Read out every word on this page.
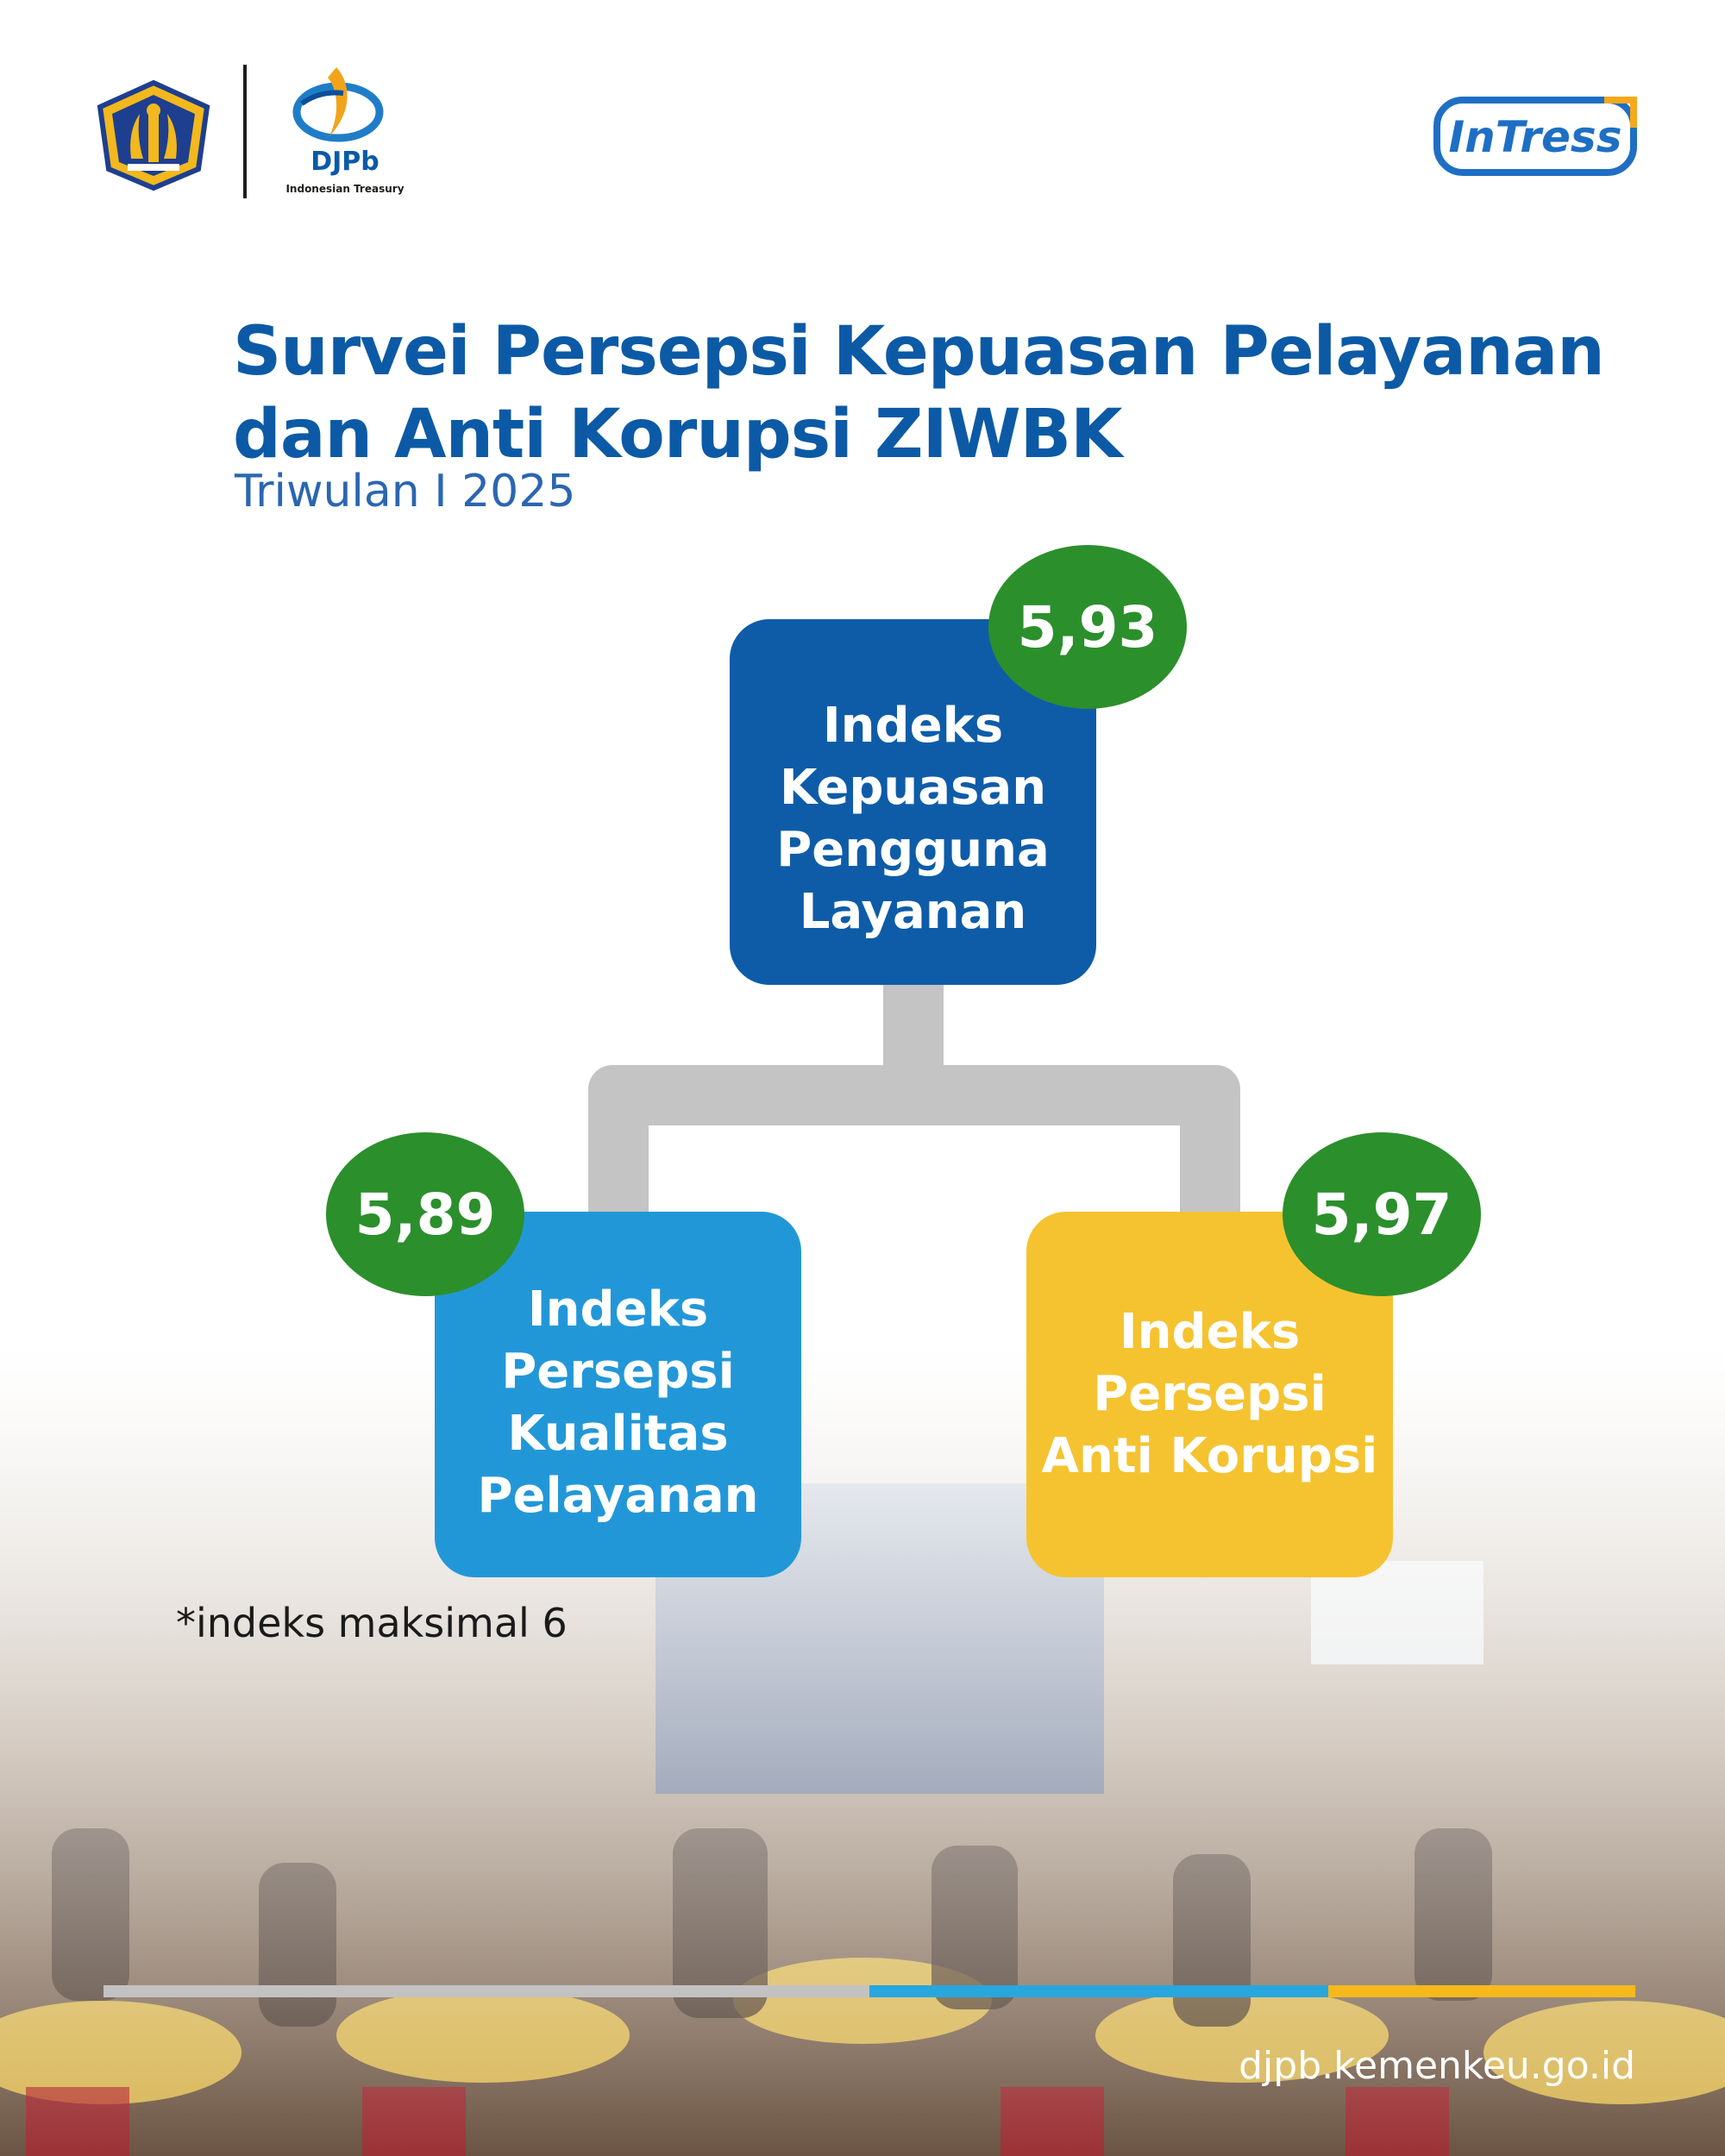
DJPb
Indonesian Treasury
InTress
Survei Persepsi Kepuasan Pelayanan
dan Anti Korupsi ZIWBK
Triwulan I 2025
Indeks
Kepuasan
Pengguna
Layanan
5,93
Indeks
Persepsi
Kualitas
Pelayanan
5,89
Indeks
Persepsi
Anti Korupsi
5,97
*indeks maksimal 6
djpb.kemenkeu.go.id
